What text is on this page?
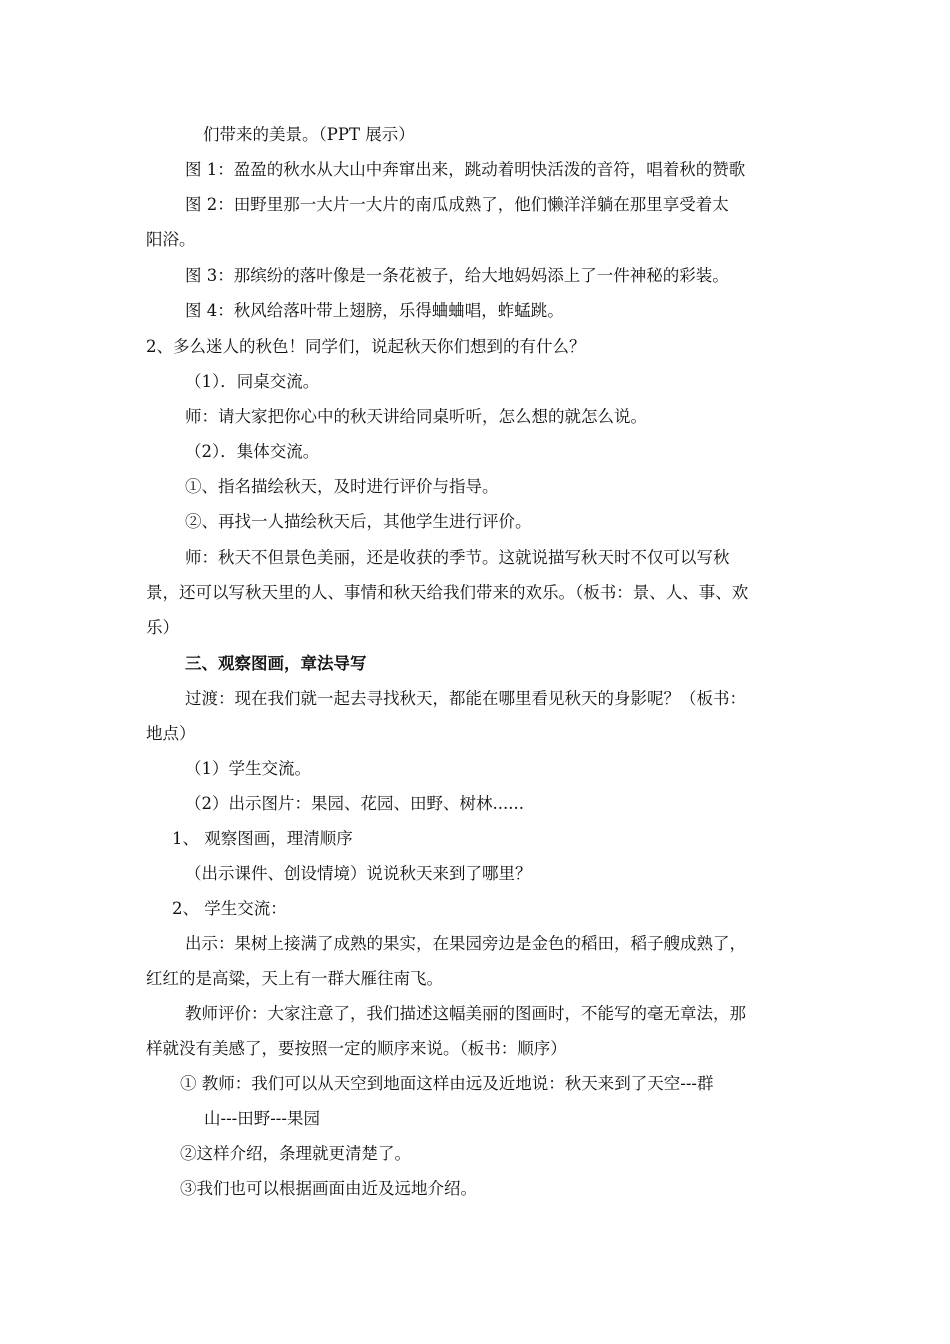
们带来的美景。（PPT 展示）
图 1：盈盈的秋水从大山中奔窜出来，跳动着明快活泼的音符，唱着秋的赞歌
图 2：田野里那一大片一大片的南瓜成熟了，他们懒洋洋躺在那里享受着太
阳浴。
图 3：那缤纷的落叶像是一条花被子，给大地妈妈添上了一件神秘的彩装。
图 4：秋风给落叶带上翅膀，乐得蛐蛐唱，蚱蜢跳。
2、多么迷人的秋色！同学们，说起秋天你们想到的有什么？
（1）．同桌交流。
师：请大家把你心中的秋天讲给同桌听听，怎么想的就怎么说。
（2）．集体交流。
①、指名描绘秋天，及时进行评价与指导。
②、再找一人描绘秋天后，其他学生进行评价。
师：秋天不但景色美丽，还是收获的季节。这就说描写秋天时不仅可以写秋
景，还可以写秋天里的人、事情和秋天给我们带来的欢乐。（板书：景、人、事、欢
乐）
三、观察图画，章法导写
过渡：现在我们就一起去寻找秋天，都能在哪里看见秋天的身影呢？（板书：
地点）
（1）学生交流。
（2）出示图片：果园、花园、田野、树林......
1、 观察图画，理清顺序
（出示课件、创设情境）说说秋天来到了哪里？
2、 学生交流：
出示：果树上接满了成熟的果实，在果园旁边是金色的稻田，稻子艘成熟了，
红红的是高粱，天上有一群大雁往南飞。
教师评价：大家注意了，我们描述这幅美丽的图画时，不能写的毫无章法，那
样就没有美感了，要按照一定的顺序来说。（板书：顺序）
① 教师：我们可以从天空到地面这样由远及近地说：秋天来到了天空---群
山---田野---果园
②这样介绍，条理就更清楚了。
③我们也可以根据画面由近及远地介绍。
